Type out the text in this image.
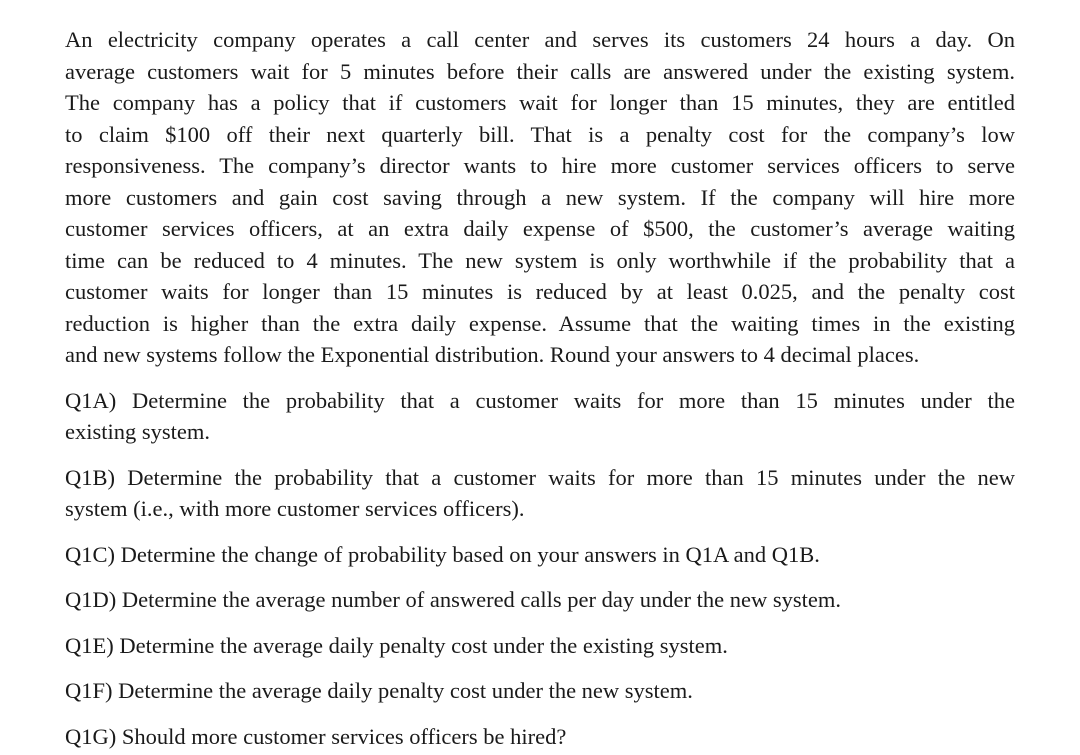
An electricity company operates a call center and serves its customers 24 hours a day. On
average customers wait for 5 minutes before their calls are answered under the existing system.
The company has a policy that if customers wait for longer than 15 minutes, they are entitled
to claim $100 off their next quarterly bill. That is a penalty cost for the company’s low
responsiveness. The company’s director wants to hire more customer services officers to serve
more customers and gain cost saving through a new system. If the company will hire more
customer services officers, at an extra daily expense of $500, the customer’s average waiting
time can be reduced to 4 minutes. The new system is only worthwhile if the probability that a
customer waits for longer than 15 minutes is reduced by at least 0.025, and the penalty cost
reduction is higher than the extra daily expense. Assume that the waiting times in the existing
and new systems follow the Exponential distribution. Round your answers to 4 decimal places.
Q1A) Determine the probability that a customer waits for more than 15 minutes under the
existing system.
Q1B) Determine the probability that a customer waits for more than 15 minutes under the new
system (i.e., with more customer services officers).
Q1C) Determine the change of probability based on your answers in Q1A and Q1B.
Q1D) Determine the average number of answered calls per day under the new system.
Q1E) Determine the average daily penalty cost under the existing system.
Q1F) Determine the average daily penalty cost under the new system.
Q1G) Should more customer services officers be hired?
